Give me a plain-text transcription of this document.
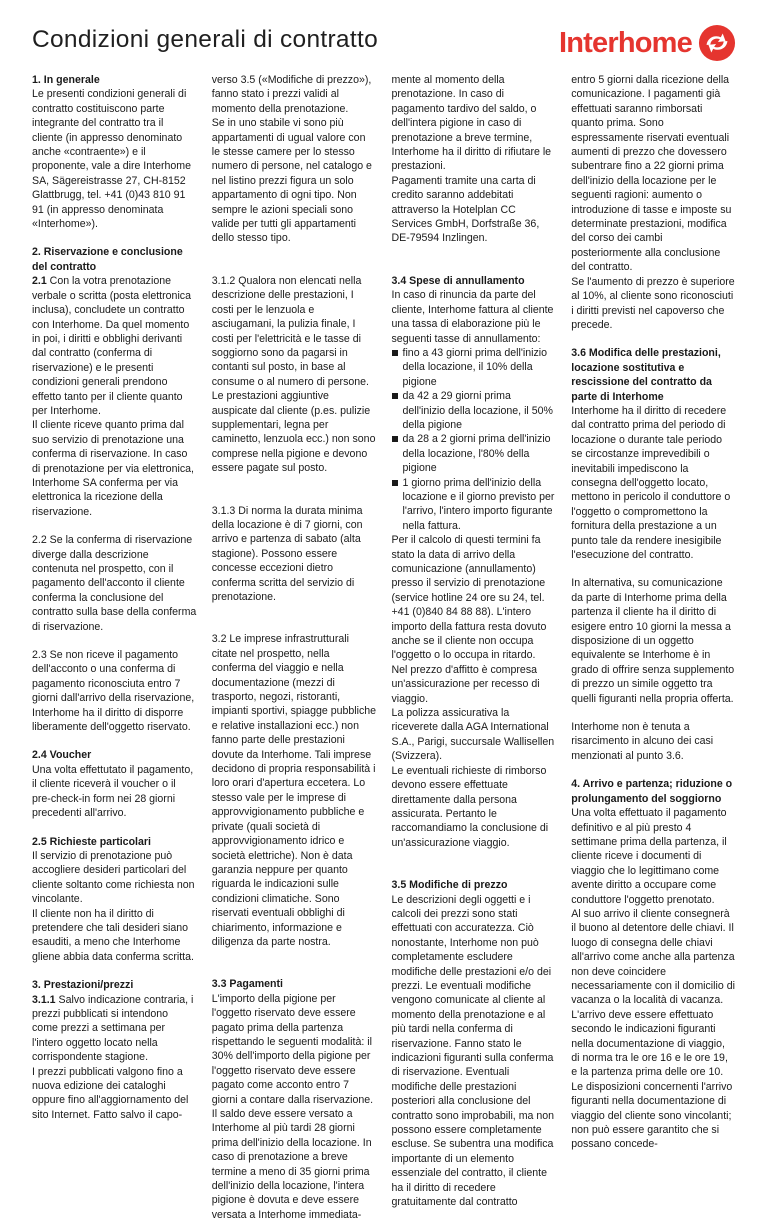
Condizioni generali di contratto	Interhome
1. In generale

Le presenti condizioni generali di contratto costituiscono parte integrante del contratto tra il cliente (in appresso denominato anche «contraente») e il proponente, vale a dire Interhome SA, Sägereistrasse 27, CH-8152 Glattbrugg, tel. +41 (0)43 810 91 91 (in appresso denominata «Interhome»).

2. Riservazione e conclusione del contratto

2.1 Con la votra prenotazione verbale o scritta (posta elettronica inclusa), concludete un contratto con Interhome. Da quel momento in poi, i diritti e obblighi derivanti dal contratto (conferma di riservazione) e le presenti condizioni generali prendono effetto tanto per il cliente quanto per Interhome.

Il cliente riceve quanto prima dal suo servizio di prenotazione una conferma di riservazione. In caso di prenotazione per via elettronica, Interhome SA conferma per via elettronica la ricezione della riservazione.

2.2 Se la conferma di riservazione diverge dalla descrizione contenuta nel prospetto, con il pagamento dell'acconto il cliente conferma la conclusione del contratto sulla base della conferma di riservazione.

2.3 Se non riceve il pagamento dell'acconto o una conferma di pagamento riconosciuta entro 7 giorni dall'arrivo della riservazione, Interhome ha il diritto di disporre liberamente dell'oggetto riservato.

2.4 Voucher

Una volta effettutato il pagamento, il cliente riceverà il voucher o il pre-check-in form nei 28 giorni precedenti all'arrivo.

2.5 Richieste particolari

Il servizio di prenotazione può accogliere desideri particolari del cliente soltanto come richiesta non vincolante.

Il cliente non ha il diritto di pretendere che tali desideri siano esauditi, a meno che Interhome gliene abbia data conferma scritta.

3. Prestazioni/prezzi

3.1.1 Salvo indicazione contraria, i prezzi pubblicati si intendono come prezzi a settimana per l'intero oggetto locato nella corrispondente stagione.

I prezzi pubblicati valgono fino a nuova edizione dei cataloghi oppure fino all'aggiornamento del sito Internet. Fatto salvo il capo-

verso 3.5 («Modifiche di prezzo»), fanno stato i prezzi validi al momento della prenotazione.

Se in uno stabile vi sono più appartamenti di ugual valore con le stesse camere per lo stesso numero di persone, nel catalogo e nel listino prezzi figura un solo appartamento di ogni tipo. Non sempre le azioni speciali sono valide per tutti gli appartamenti dello stesso tipo.

3.1.2 Qualora non elencati nella descrizione delle prestazioni, I costi per le lenzuola e asciugamani, la pulizia finale, I costi per l'elettricità e le tasse di soggiorno sono da pagarsi in contanti sul posto, in base al consume o al numero di persone.

Le prestazioni aggiuntive auspicate dal cliente (p.es. pulizie supplementari, legna per caminetto, lenzuola ecc.) non sono comprese nella pigione e devono essere pagate sul posto.

3.1.3 Di norma la durata minima della locazione è di 7 giorni, con arrivo e partenza di sabato (alta stagione). Possono essere concesse eccezioni dietro conferma scritta del servizio di prenotazione.

3.2 Le imprese infrastrutturali citate nel prospetto, nella conferma del viaggio e nella documentazione (mezzi di trasporto, negozi, ristoranti, impianti sportivi, spiagge pubbliche e relative installazioni ecc.) non fanno parte delle prestazioni dovute da Interhome. Tali imprese decidono di propria responsabilità i loro orari d'apertura eccetera. Lo stesso vale per le imprese di approvvigionamento pubbliche e private (quali società di approvvigionamento idrico e società elettriche). Non è data garanzia neppure per quanto riguarda le indicazioni sulle condizioni climatiche. Sono riservati eventuali obblighi di chiarimento, informazione e diligenza da parte nostra.

3.3 Pagamenti

L'importo della pigione per l'oggetto riservato deve essere pagato prima della partenza rispettando le seguenti modalità: il 30% dell'importo della pigione per l'oggetto riservato deve essere pagato come acconto entro 7 giorni a contare dalla riservazione. Il saldo deve essere versato a Interhome al più tardi 28 giorni prima dell'inizio della locazione. In caso di prenotazione a breve termine a meno di 35 giorni prima dell'inizio della locazione, l'intera pigione è dovuta e deve essere versata a Interhome immediata-

mente al momento della prenotazione. In caso di pagamento tardivo del saldo, o dell'intera pigione in caso di prenotazione a breve termine, Interhome ha il diritto di rifiutare le prestazioni.

Pagamenti tramite una carta di credito saranno addebitati attraverso la Hotelplan CC Services GmbH, Dorfstraße 36, DE-79594 Inzlingen.

3.4 Spese di annullamento

In caso di rinuncia da parte del cliente, Interhome fattura al cliente una tassa di elaborazione più le seguenti tasse di annullamento:

fino a 43 giorni prima dell'inizio della locazione, il 10% della pigione
da 42 a 29 giorni prima dell'inizio della locazione, il 50% della pigione
da 28 a 2 giorni prima dell'inizio della locazione, l'80% della pigione
1 giorno prima dell'inizio della locazione e il giorno previsto per l'arrivo, l'intero importo figurante nella fattura.

Per il calcolo di questi termini fa stato la data di arrivo della comunicazione (annullamento) presso il servizio di prenotazione (service hotline 24 ore su 24, tel. +41 (0)840 84 88 88). L'intero importo della fattura resta dovuto anche se il cliente non occupa l'oggetto o lo occupa in ritardo.

Nel prezzo d'affitto è compresa un'assicurazione per recesso di viaggio.

La polizza assicurativa la riceverete dalla AGA International S.A., Parigi, succursale Wallisellen (Svizzera).

Le eventuali richieste di rimborso devono essere effettuate direttamente dalla persona assicurata. Pertanto le raccomandiamo la conclusione di un'assicurazione viaggio.

3.5 Modifiche di prezzo

Le descrizioni degli oggetti e i calcoli dei prezzi sono stati effettuati con accuratezza. Ciò nonostante, Interhome non può completamente escludere modifiche delle prestazioni e/o dei prezzi. Le eventuali modifiche vengono comunicate al cliente al momento della prenotazione e al più tardi nella conferma di riservazione. Fanno stato le indicazioni figuranti sulla conferma di riservazione. Eventuali modifiche delle prestazioni posteriori alla conclusione del contratto sono improbabili, ma non possono essere completamente escluse. Se subentra una modifica importante di un elemento essenziale del contratto, il cliente ha il diritto di recedere gratuitamente dal contratto

entro 5 giorni dalla ricezione della comunicazione. I pagamenti già effettuati saranno rimborsati quanto prima. Sono espressamente riservati eventuali aumenti di prezzo che dovessero subentrare fino a 22 giorni prima dell'inizio della locazione per le seguenti ragioni: aumento o introduzione di tasse e imposte su determinate prestazioni, modifica del corso dei cambi posteriormente alla conclusione del contratto.

Se l'aumento di prezzo è superiore al 10%, al cliente sono riconosciuti i diritti previsti nel capoverso che precede.

3.6 Modifica delle prestazioni, locazione sostitutiva e rescissione del contratto da parte di Interhome

Interhome ha il diritto di recedere dal contratto prima del periodo di locazione o durante tale periodo se circostanze imprevedibili o inevitabili impediscono la consegna dell'oggetto locato, mettono in pericolo il conduttore o l'oggetto o compromettono la fornitura della prestazione a un punto tale da rendere inesigibile l'esecuzione del contratto.

In alternativa, su comunicazione da parte di Interhome prima della partenza il cliente ha il diritto di esigere entro 10 giorni la messa a disposizione di un oggetto equivalente se Interhome è in grado di offrire senza supplemento di prezzo un simile oggetto tra quelli figuranti nella propria offerta.

Interhome non è tenuta a risarcimento in alcuno dei casi menzionati al punto 3.6.

4. Arrivo e partenza; riduzione o prolungamento del soggiorno

Una volta effettuato il pagamento definitivo e al più presto 4 settimane prima della partenza, il cliente riceve i documenti di viaggio che lo legittimano come avente diritto a occupare come conduttore l'oggetto prenotato.

Al suo arrivo il cliente consegnerà il buono al detentore delle chiavi. Il luogo di consegna delle chiavi all'arrivo come anche alla partenza non deve coincidere necessariamente con il domicilio di vacanza o la località di vacanza. L'arrivo deve essere effettuato secondo le indicazioni figuranti nella documentazione di viaggio, di norma tra le ore 16 e le ore 19, e la partenza prima delle ore 10.

Le disposizioni concernenti l'arrivo figuranti nella documentazione di viaggio del cliente sono vincolanti; non può essere garantito che si possano concede-
